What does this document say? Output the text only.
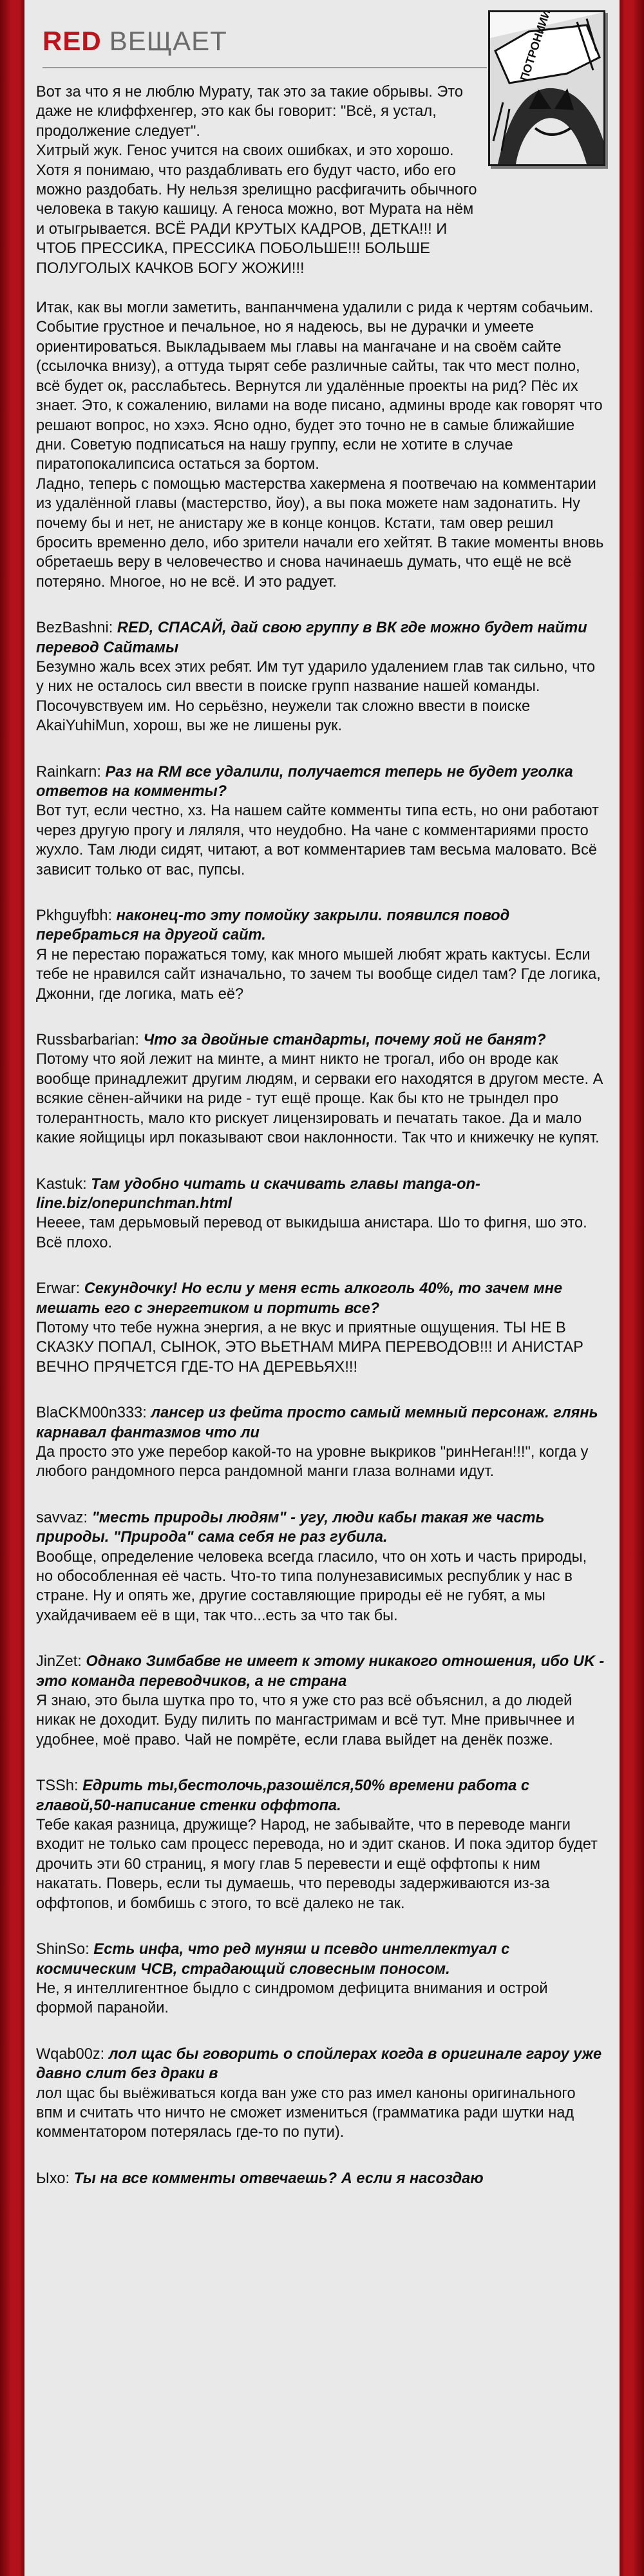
RED ВЕЩАЕТ	ПОТРОНИИИ!

Вот за что я не люблю Мурату, так это за такие обрывы. Это даже не клиффхенгер, это как бы говорит: "Всё, я устал, продолжение следует".

Хитрый жук. Генос учится на своих ошибках, и это хорошо. Хотя я понимаю, что раздабливать его будут часто, ибо его можно раздобать. Ну нельзя зрелищно расфигачить обычного человека в такую кашицу. А геноса можно, вот Мурата на нём и отыгрывается. ВСЁ РАДИ КРУТЫХ КАДРОВ, ДЕТКА!!! И ЧТОБ ПРЕССИКА, ПРЕССИКА ПОБОЛЬШЕ!!! БОЛЬШЕ ПОЛУГОЛЫХ КАЧКОВ БОГУ ЖОЖИ!!!

Итак, как вы могли заметить, ванпанчмена удалили с рида к чертям собачьим. Событие грустное и печальное, но я надеюсь, вы не дурачки и умеете ориентироваться. Выкладываем мы главы на мангачане и на своём сайте (ссылочка внизу), а оттуда тырят себе различные сайты, так что мест полно, всё будет ок, расслабьтесь. Вернутся ли удалённые проекты на рид? Пёс их знает. Это, к сожалению, вилами на воде писано, админы вроде как говорят что решают вопрос, но хэхэ. Ясно одно, будет это точно не в самые ближайшие дни. Советую подписаться на нашу группу, если не хотите в случае пиратопокалипсиса остаться за бортом.

Ладно, теперь с помощью мастерства хакермена я поотвечаю на комментарии из удалённой главы (мастерство, йоу), а вы пока можете нам задонатить. Ну почему бы и нет, не анистару же в конце концов. Кстати, там овер решил бросить временно дело, ибо зрители начали его хейтят. В такие моменты вновь обретаешь веру в человечество и снова начинаешь думать, что ещё не всё потеряно. Многое, но не всё. И это радует.

BezBashni: RED, СПАСАЙ, дай свою группу в ВК где можно будет найти перевод Сайтамы

Безумно жаль всех этих ребят. Им тут ударило удалением глав так сильно, что у них не осталось сил ввести в поиске групп название нашей команды. Посочувствуем им. Но серьёзно, неужели так сложно ввести в поиске AkaiYuhiMun, хорош, вы же не лишены рук.

Rainkarn: Раз на RM все удалили, получается теперь не будет уголка ответов на комменты?

Вот тут, если честно, хз. На нашем сайте комменты типа есть, но они работают через другую прогу и ляляля, что неудобно. На чане с комментариями просто жухло. Там люди сидят, читают, а вот комментариев там весьма маловато. Всё зависит только от вас, пупсы.

Pkhguyfbh: наконец-то эту помойку закрыли. появился повод перебраться на другой сайт.

Я не перестаю поражаться тому, как много мышей любят жрать кактусы. Если тебе не нравился сайт изначально, то зачем ты вообще сидел там? Где логика, Джонни, где логика, мать её?

Russbarbarian: Что за двойные стандарты, почему яой не банят?

Потому что яой лежит на минте, а минт никто не трогал, ибо он вроде как вообще принадлежит другим людям, и серваки его находятся в другом месте. А всякие сёнен-айчики на риде - тут ещё проще. Как бы кто не трындел про толерантность, мало кто рискует лицензировать и печатать такое. Да и мало какие яойщицы ирл показывают свои наклонности. Так что и книжечку не купят.

Kastuk: Там удобно читать и скачивать главы manga-on-line.biz/onepunchman.html

Нееее, там дерьмовый перевод от выкидыша анистара. Шо то фигня, шо это. Всё плохо.

Erwar: Секундочку! Но если у меня есть алкоголь 40%, то зачем мне мешать его с энергетиком и портить все?

Потому что тебе нужна энергия, а не вкус и приятные ощущения. ТЫ НЕ В СКАЗКУ ПОПАЛ, СЫНОК, ЭТО ВЬЕТНАМ МИРА ПЕРЕВОДОВ!!! И АНИСТАР ВЕЧНО ПРЯЧЕТСЯ ГДЕ-ТО НА ДЕРЕВЬЯХ!!!

BlaCKM00n333: лансер из фейта просто самый мемный персонаж. глянь карнавал фантазмов что ли

Да просто это уже перебор какой-то на уровне выкриков "ринНеган!!!", когда у любого рандомного перса рандомной манги глаза волнами идут.

savvaz: "месть природы людям" - угу, люди кабы такая же часть природы. "Природа" сама себя не раз губила.

Вообще, определение человека всегда гласило, что он хоть и часть природы, но обособленная её часть. Что-то типа полунезависимых республик у нас в стране. Ну и опять же, другие составляющие природы её не губят, а мы ухайдачиваем её в щи, так что...есть за что так бы.

JinZet: Однако Зимбабве не имеет к этому никакого отношения, ибо UK - это команда переводчиков, а не страна

Я знаю, это была шутка про то, что я уже сто раз всё объяснил, а до людей никак не доходит. Буду пилить по мангастримам и всё тут. Мне привычнее и удобнее, моё право. Чай не помрёте, если глава выйдет на денёк позже.

TSSh: Едрить ты,бестолочь,разошёлся,50% времени работа с главой,50-написание стенки оффтопа.

Тебе какая разница, дружище? Народ, не забывайте, что в переводе манги входит не только сам процесс перевода, но и эдит сканов. И пока эдитор будет дрочить эти 60 страниц, я могу глав 5 перевести и ещё оффтопы к ним накатать. Поверь, если ты думаешь, что переводы задерживаются из-за оффтопов, и бомбишь с этого, то всё далеко не так.

ShinSo: Есть инфа, что ред муняш и псевдо интеллектуал с космическим ЧСВ, страдающий словесным поносом.

Не, я интеллигентное быдло с синдромом дефицита внимания и острой формой паранойи.

Wqab00z: лол щас бы говорить о спойлерах когда в оригинале гароу уже давно слит без драки в

лол щас бы выёживаться когда ван уже сто раз имел каноны оригинального впм и считать что ничто не сможет измениться (грамматика ради шутки над комментатором потерялась где-то по пути).

Ыхо: Ты на все комменты отвечаешь? А если я насоздаю
